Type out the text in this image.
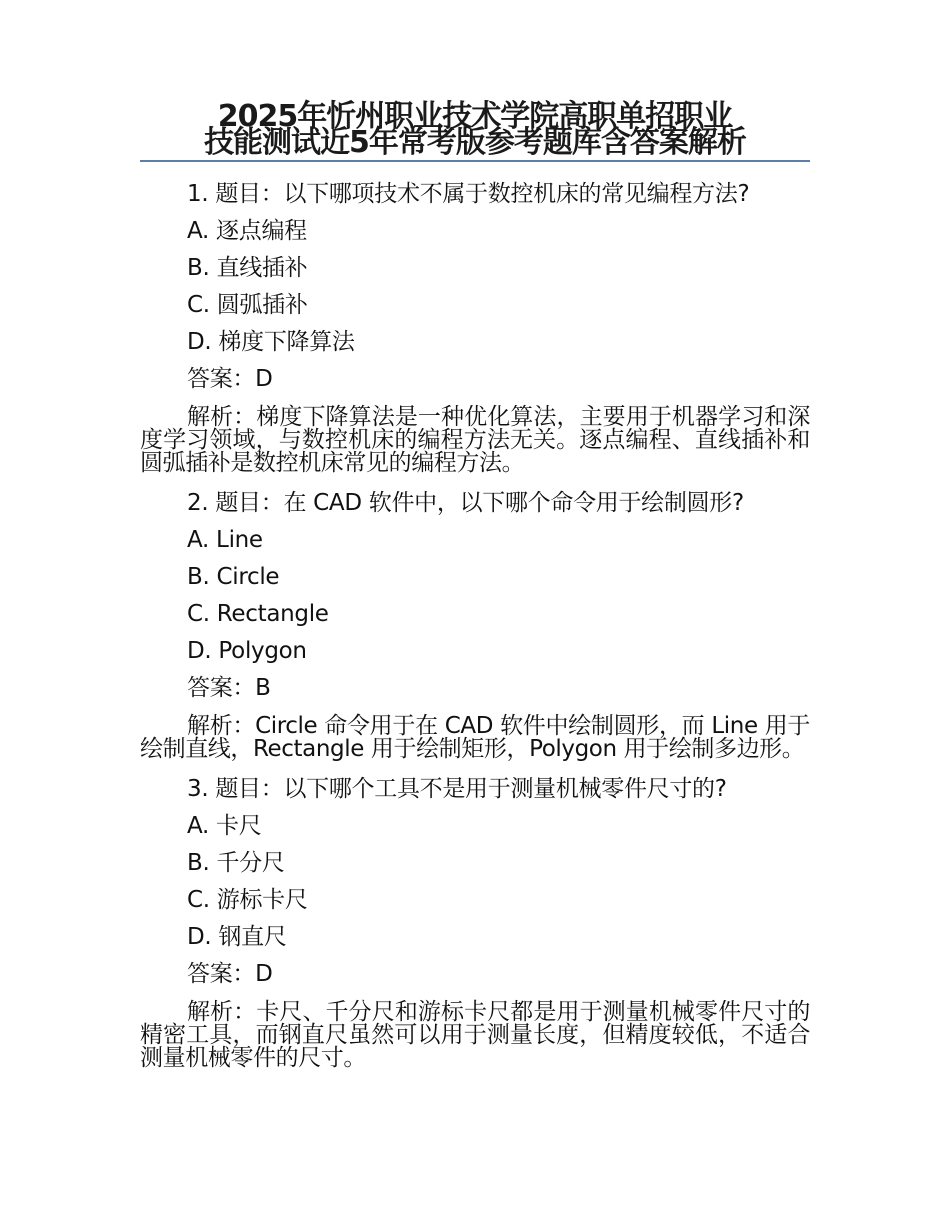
2025年忻州职业技术学院高职单招职业
技能测试近5年常考版参考题库含答案解析
1. 题目：以下哪项技术不属于数控机床的常见编程方法?
A. 逐点编程
B. 直线插补
C. 圆弧插补
D. 梯度下降算法
答案：D
解析：梯度下降算法是一种优化算法，主要用于机器学习和深度学习领域，与数控机床的编程方法无关。逐点编程、直线插补和圆弧插补是数控机床常见的编程方法。
2. 题目：在 CAD 软件中，以下哪个命令用于绘制圆形?
A. Line
B. Circle
C. Rectangle
D. Polygon
答案：B
解析：Circle 命令用于在 CAD 软件中绘制圆形，而 Line 用于绘制直线，Rectangle 用于绘制矩形，Polygon 用于绘制多边形。
3. 题目：以下哪个工具不是用于测量机械零件尺寸的?
A. 卡尺
B. 千分尺
C. 游标卡尺
D. 钢直尺
答案：D
解析：卡尺、千分尺和游标卡尺都是用于测量机械零件尺寸的精密工具，而钢直尺虽然可以用于测量长度，但精度较低，不适合测量机械零件的尺寸。
